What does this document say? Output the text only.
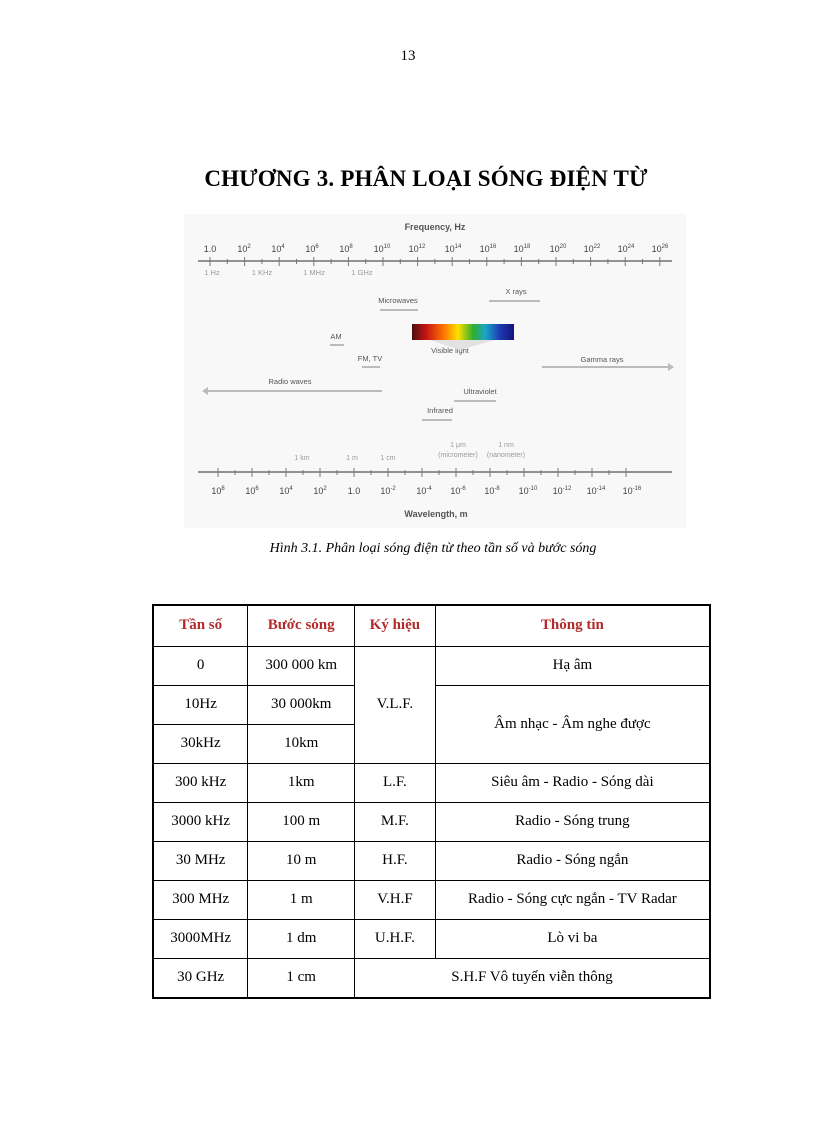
13
CHƯƠNG 3. PHÂN LOẠI SÓNG ĐIỆN TỪ
Frequency, Hz
1.0 $10^2$ $10^4$ $10^6$ $10^8$ $10^{10}$ $10^{12}$ $10^{14}$ $10^{16}$ $10^{18}$ $10^{20}$ $10^{22}$ $10^{24}$ $10^{26}$
1 Hz	1 KHz	1 MHz	1 GHz
Microwaves
X rays
AM
Visible light
FM, TV	Gamma rays
Radio waves
Ultraviolet
Infrared
1 km	1 m	1 cm
1 μm
(micrometer)
1 nm
(nanometer)
$10^8$ $10^6$ $10^4$ $10^2$ 1.0 $10^{-2}$ $10^{-4}$ $10^{-6}$ $10^{-8}$ $10^{-10}$ $10^{-12}$ $10^{-14}$ $10^{-16}$
Wavelength, m
Hình 3.1. Phân loại sóng điện từ theo tần số và bước sóng
Tần số	Bước sóng	Ký hiệu	Thông tin
0	300 000 km	V.L.F.	Hạ âm
10Hz	30 000km		Âm nhạc - Âm nghe được
30kHz	10km		
300 kHz	1km	L.F.	Siêu âm - Radio - Sóng dài
3000 kHz	100 m	M.F.	Radio - Sóng trung
30 MHz	10 m	H.F.	Radio - Sóng ngắn
300 MHz	1 m	V.H.F	Radio - Sóng cực ngắn - TV Radar
3000MHz	1 dm	U.H.F.	Lò vi ba
30 GHz	1 cm	S.H.F Vô tuyến viễn thông	
